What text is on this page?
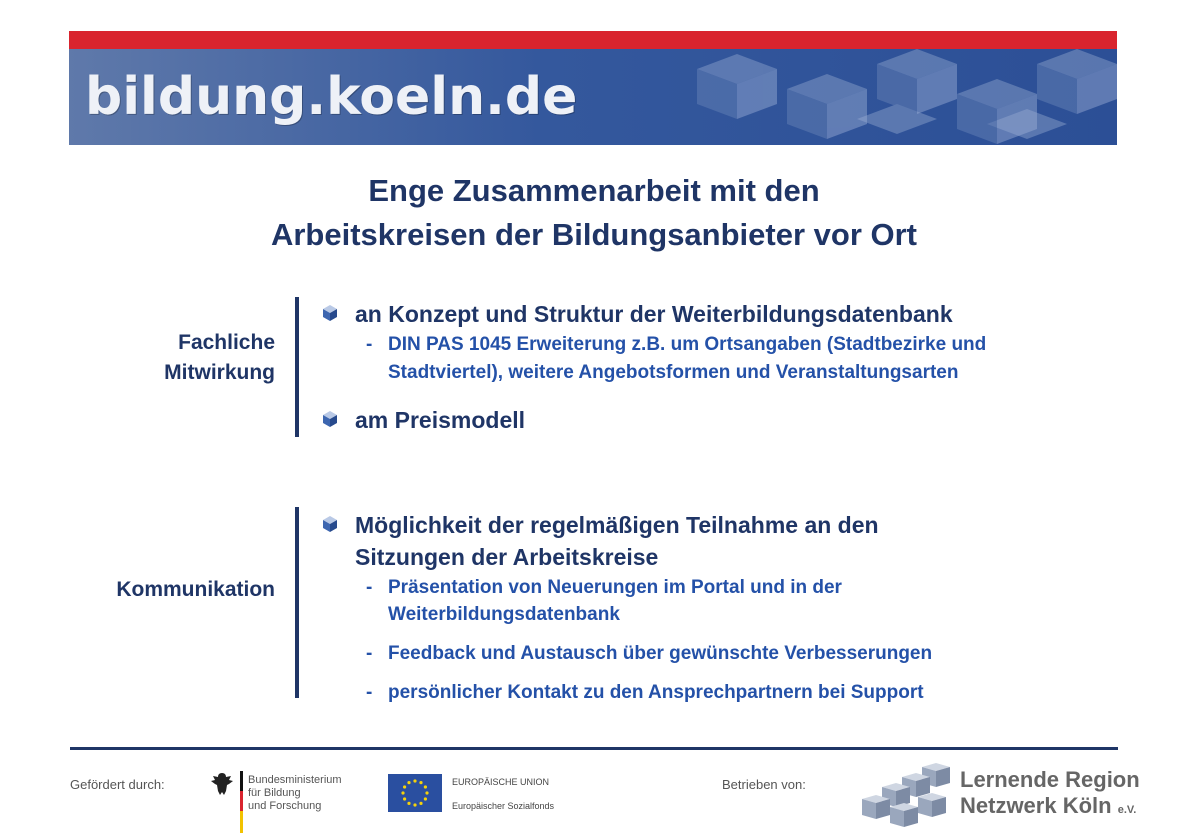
bildung.koeln.de
Enge Zusammenarbeit mit den
Arbeitskreisen der Bildungsanbieter vor Ort
Fachliche
Mitwirkung
an Konzept und Struktur der Weiterbildungsdatenbank
- DIN PAS 1045 Erweiterung z.B. um Ortsangaben (Stadtbezirke und
Stadtviertel), weitere Angebotsformen und Veranstaltungsarten
am Preismodell
Kommunikation
Möglichkeit der regelmäßigen Teilnahme an den
Sitzungen der Arbeitskreise
- Präsentation von Neuerungen im Portal und in der
Weiterbildungsdatenbank
- Feedback und Austausch über gewünschte Verbesserungen
- persönlicher Kontakt zu den Ansprechpartnern bei Support
Gefördert durch:	Bundesministerium
für Bildung
und Forschung
EUROPÄISCHE UNION
Europäischer Sozialfonds
Betrieben von:	Lernende Region
Netzwerk Köln e.V.
